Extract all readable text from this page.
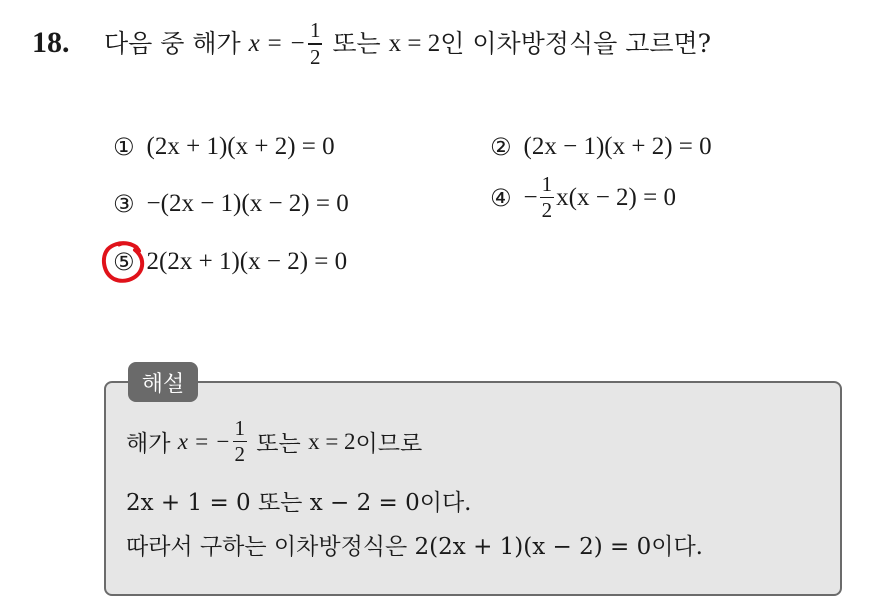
18. 다음 중 해가 x = − $\frac{1}{2}$ 또는 x = 2 인 이차방정식을 고르면?
① (2x + 1)(x + 2) = 0	② (2x − 1)(x + 2) = 0
③ −(2x − 1)(x − 2) = 0	④ − $\frac{1}{2} x(x - 2) = 0$
⑤ 2(2x + 1)(x − 2) = 0
해설
해가 x = − $\frac{1}{2}$ 또는 x = 2 이므로
2x + 1 = 0 또는 x − 2 = 0이다.
따라서 구하는 이차방정식은 2(2x + 1)(x − 2) = 0이다.
